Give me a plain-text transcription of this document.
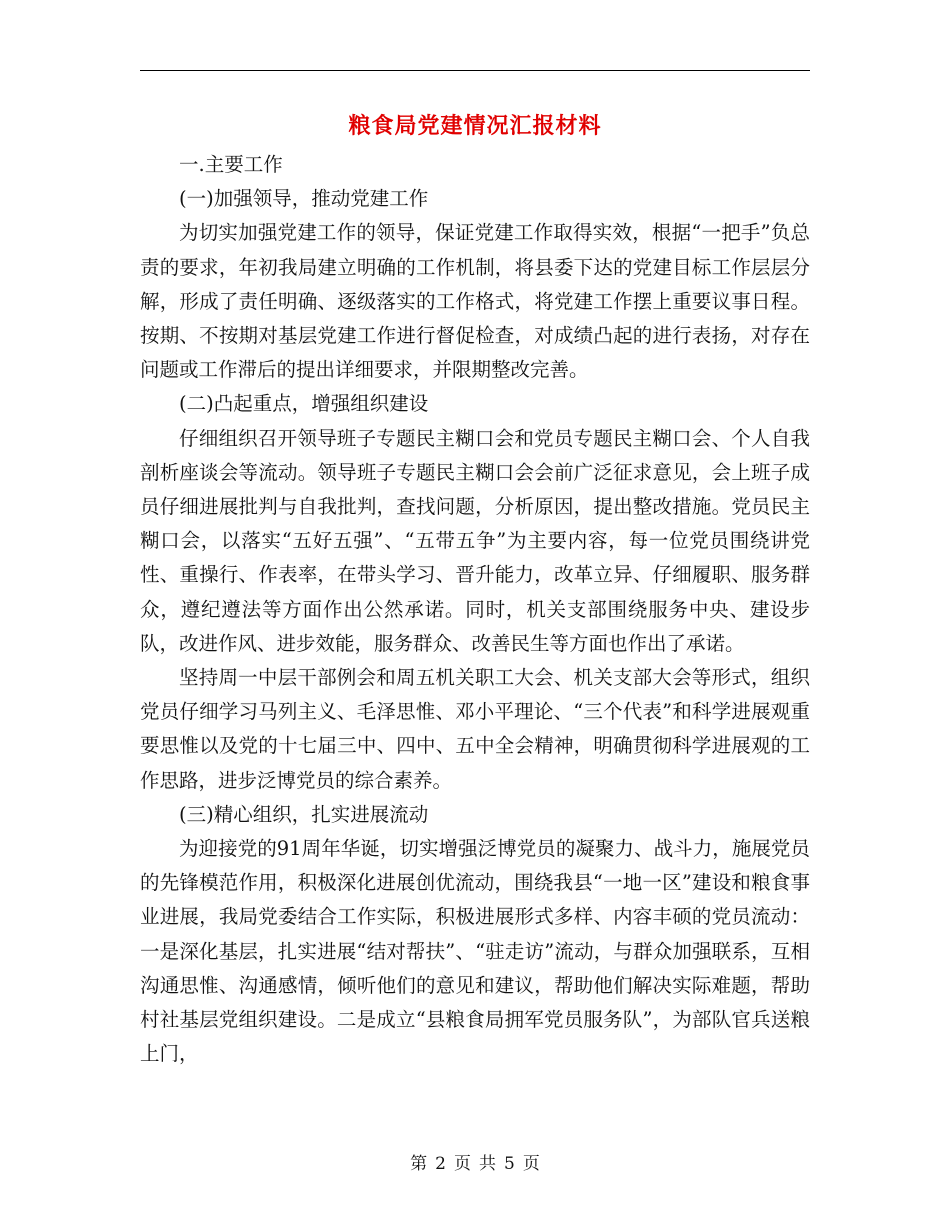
粮食局党建情况汇报材料

一.主要工作

(一)加强领导，推动党建工作

为切实加强党建工作的领导，保证党建工作取得实效，根据“一把手”负总责的要求，年初我局建立明确的工作机制，将县委下达的党建目标工作层层分解，形成了责任明确、逐级落实的工作格式，将党建工作摆上重要议事日程。按期、不按期对基层党建工作进行督促检查，对成绩凸起的进行表扬，对存在问题或工作滞后的提出详细要求，并限期整改完善。

(二)凸起重点，增强组织建设

仔细组织召开领导班子专题民主糊口会和党员专题民主糊口会、个人自我剖析座谈会等流动。领导班子专题民主糊口会会前广泛征求意见，会上班子成员仔细进展批判与自我批判，查找问题，分析原因，提出整改措施。党员民主糊口会，以落实“五好五强”、“五带五争”为主要内容，每一位党员围绕讲党性、重操行、作表率，在带头学习、晋升能力，改革立异、仔细履职、服务群众，遵纪遵法等方面作出公然承诺。同时，机关支部围绕服务中央、建设步队，改进作风、进步效能，服务群众、改善民生等方面也作出了承诺。

坚持周一中层干部例会和周五机关职工大会、机关支部大会等形式，组织党员仔细学习马列主义、毛泽思惟、邓小平理论、“三个代表”和科学进展观重要思惟以及党的十七届三中、四中、五中全会精神，明确贯彻科学进展观的工作思路，进步泛博党员的综合素养。

(三)精心组织，扎实进展流动

为迎接党的91周年华诞，切实增强泛博党员的凝聚力、战斗力，施展党员的先锋模范作用，积极深化进展创优流动，围绕我县“一地一区”建设和粮食事业进展，我局党委结合工作实际，积极进展形式多样、内容丰硕的党员流动：一是深化基层，扎实进展“结对帮扶”、“驻走访”流动，与群众加强联系，互相沟通思惟、沟通感情，倾听他们的意见和建议，帮助他们解决实际难题，帮助村社基层党组织建设。二是成立“县粮食局拥军党员服务队”，为部队官兵送粮上门，

第 2 页 共 5 页
